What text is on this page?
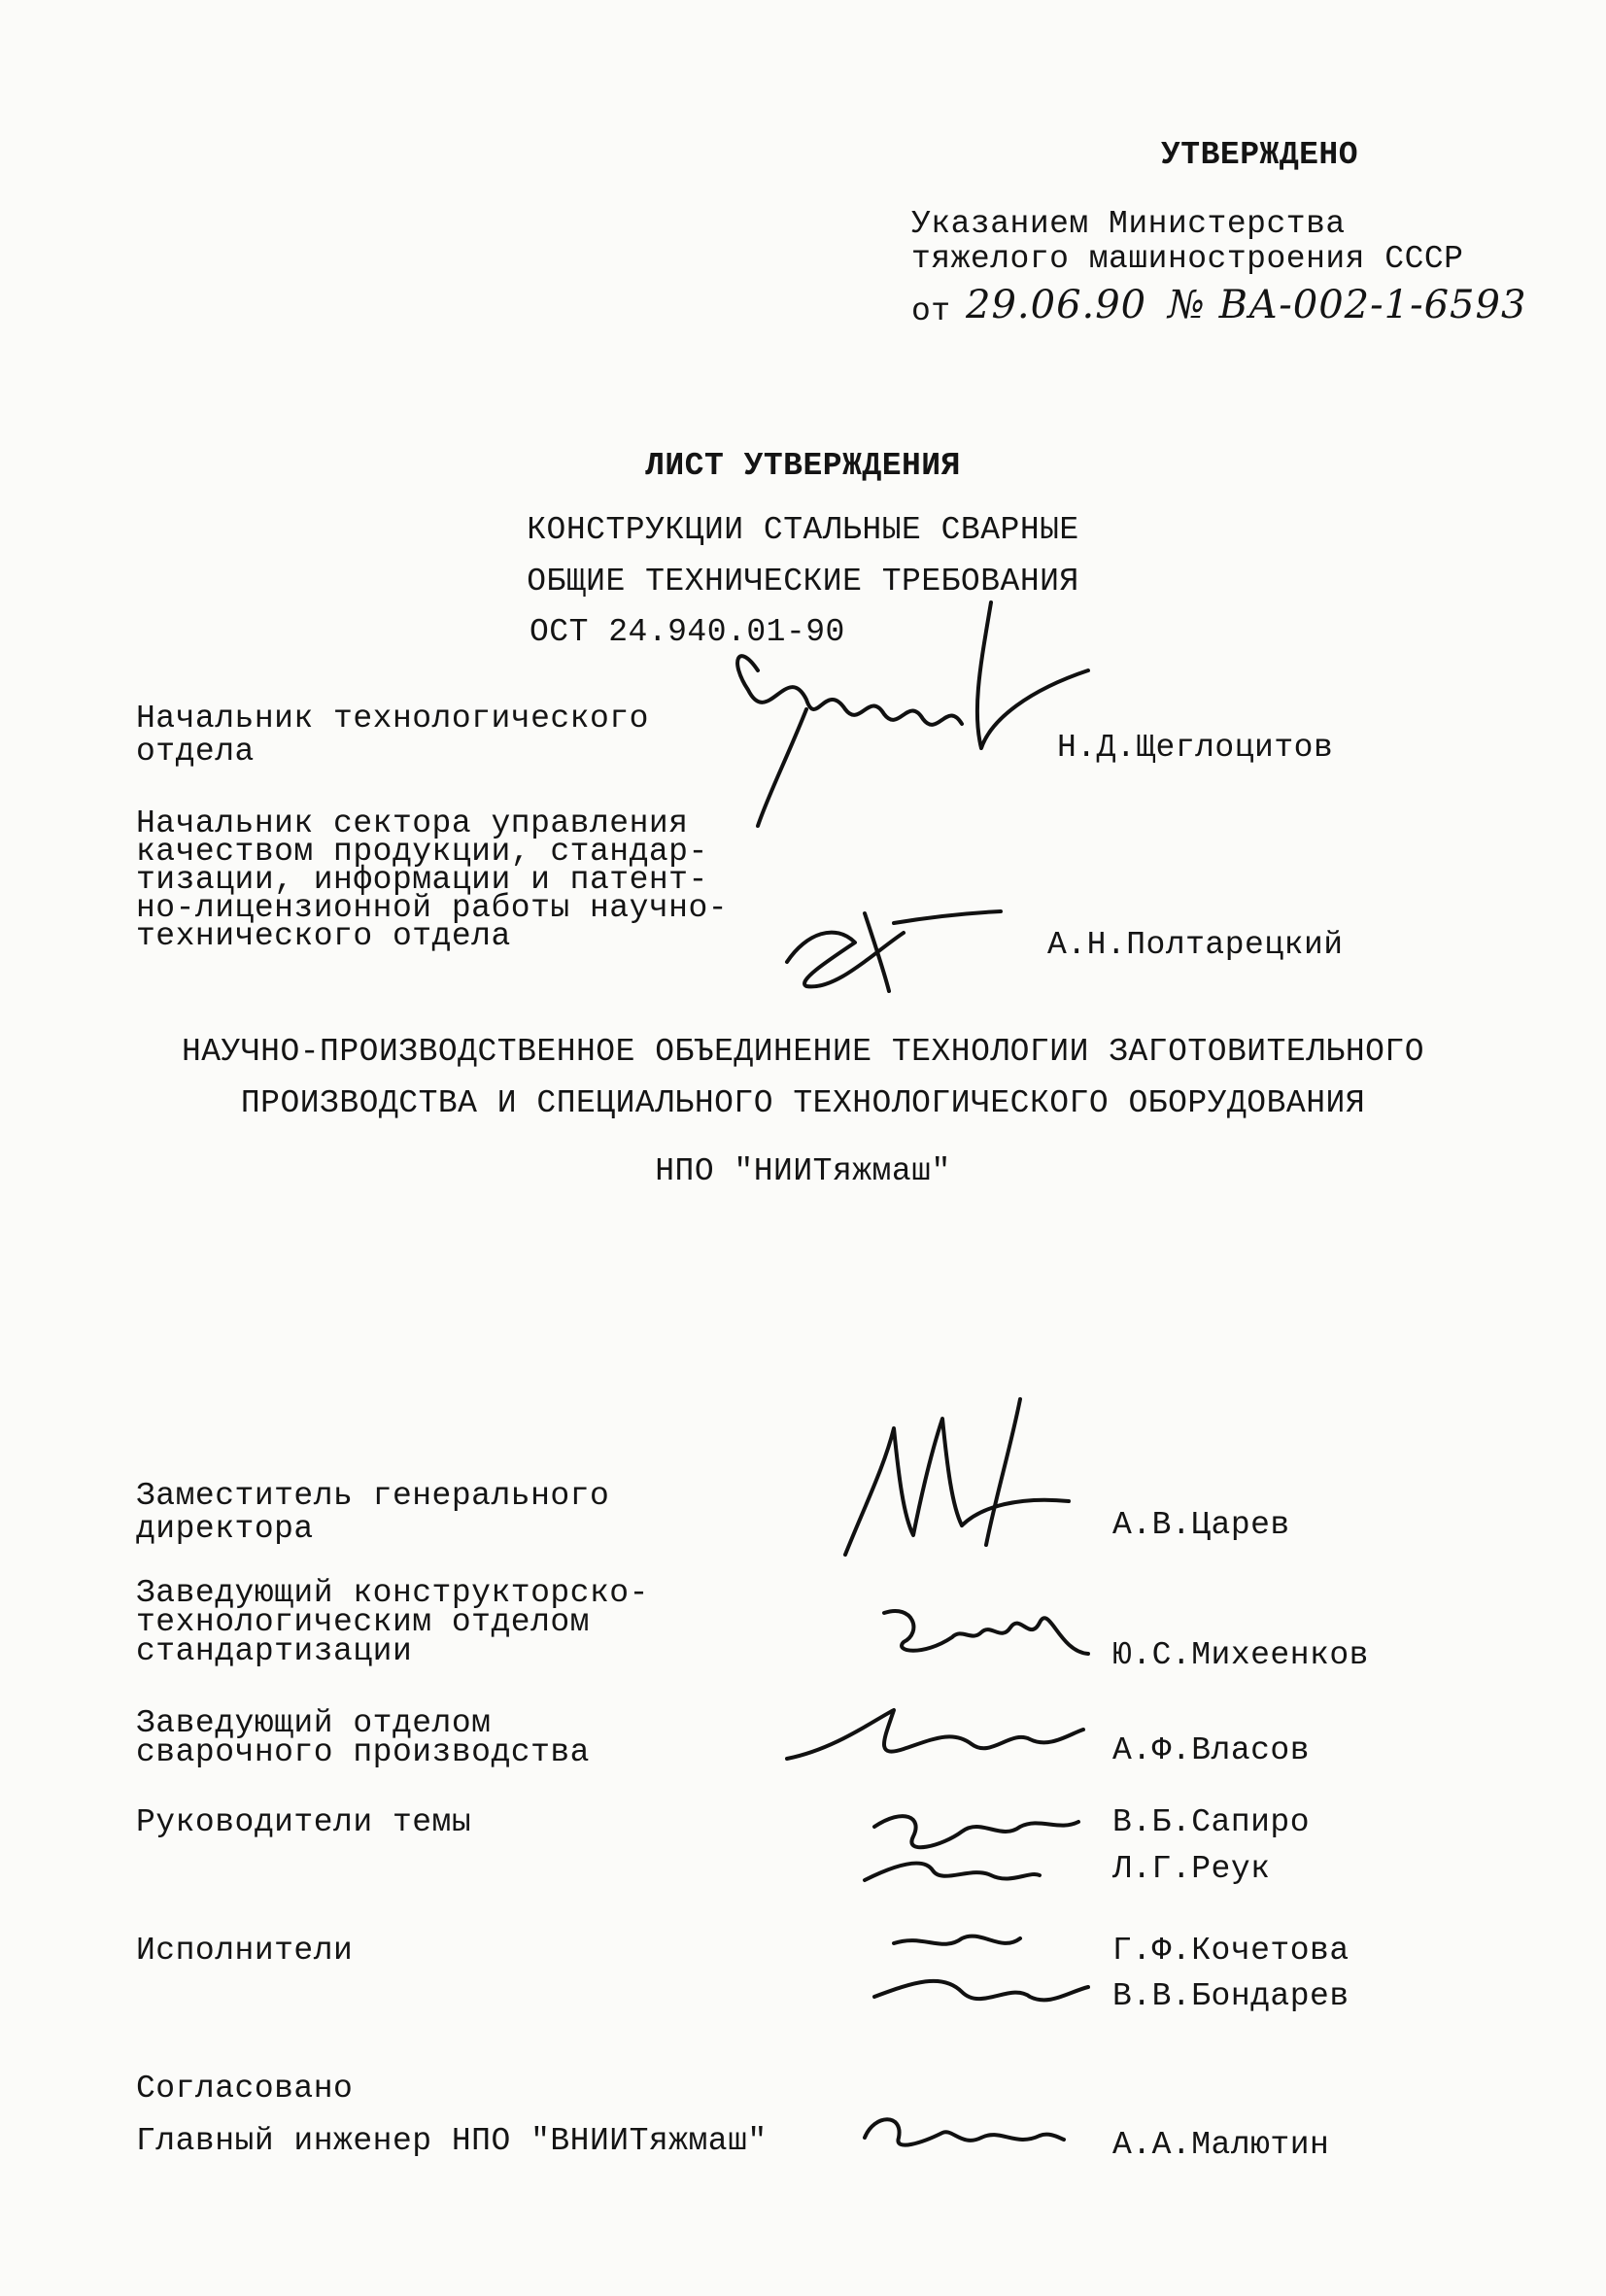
УТВЕРЖДЕНО
Указанием Министерства
тяжелого машиностроения СССР
от 29.06.90 № ВА-002-1-6593
ЛИСТ УТВЕРЖДЕНИЯ
КОНСТРУКЦИИ СТАЛЬНЫЕ СВАРНЫЕ
ОБЩИЕ ТЕХНИЧЕСКИЕ ТРЕБОВАНИЯ
ОСТ 24.940.01-90
Начальник технологического
отдела	Н.Д.Щеглоцитов
Начальник сектора управления
качеством продукции, стандар-
тизации, информации и патент-
но-лицензионной работы научно-
технического отдела	А.Н.Полтарецкий
НАУЧНО-ПРОИЗВОДСТВЕННОЕ ОБЪЕДИНЕНИЕ ТЕХНОЛОГИИ ЗАГОТОВИТЕЛЬНОГО
ПРОИЗВОДСТВА И СПЕЦИАЛЬНОГО ТЕХНОЛОГИЧЕСКОГО ОБОРУДОВАНИЯ
НПО "НИИТяжмаш"
Заместитель генерального
директора	А.В.Царев
Заведующий конструкторско-
технологическим отделом
стандартизации	Ю.С.Михеенков
Заведующий отделом
сварочного производства	А.Ф.Власов
Руководители темы	В.Б.Сапиро
Л.Г.Реук
Исполнители	Г.Ф.Кочетова
В.В.Бондарев
Согласовано
Главный инженер НПО "ВНИИТяжмаш"	А.А.Малютин
